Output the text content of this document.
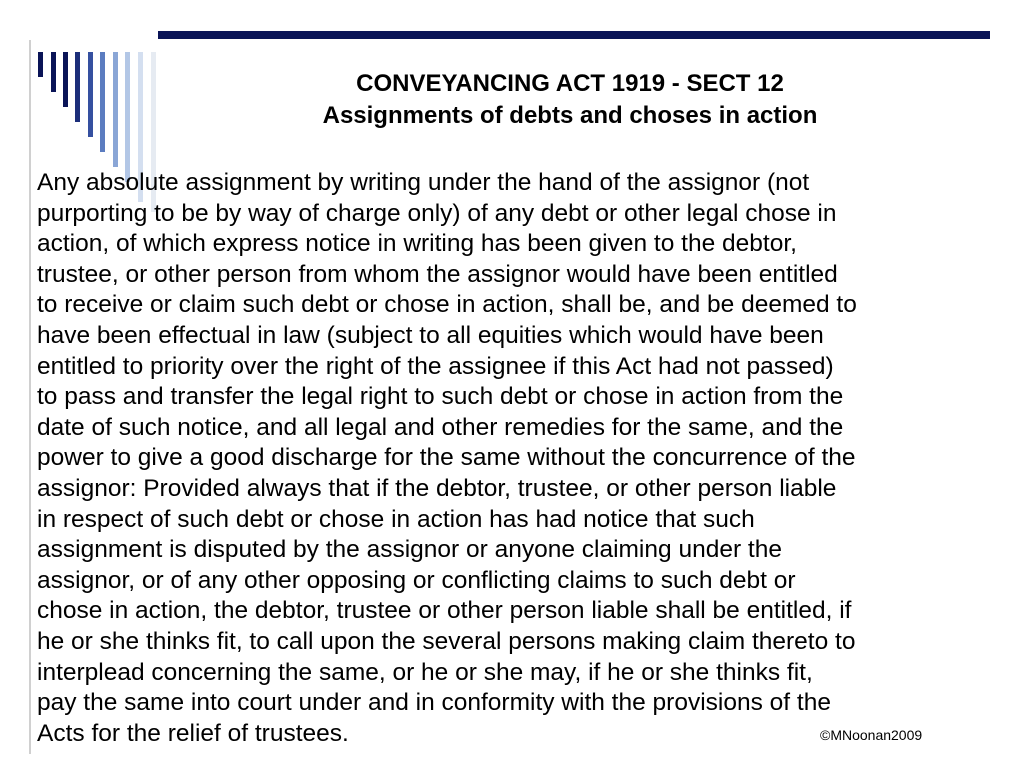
CONVEYANCING ACT 1919 - SECT 12
Assignments of debts and choses in action
Any absolute assignment by writing under the hand of the assignor (not
purporting to be by way of charge only) of any debt or other legal chose in
action, of which express notice in writing has been given to the debtor,
trustee, or other person from whom the assignor would have been entitled
to receive or claim such debt or chose in action, shall be, and be deemed to
have been effectual in law (subject to all equities which would have been
entitled to priority over the right of the assignee if this Act had not passed)
to pass and transfer the legal right to such debt or chose in action from the
date of such notice, and all legal and other remedies for the same, and the
power to give a good discharge for the same without the concurrence of the
assignor: Provided always that if the debtor, trustee, or other person liable
in respect of such debt or chose in action has had notice that such
assignment is disputed by the assignor or anyone claiming under the
assignor, or of any other opposing or conflicting claims to such debt or
chose in action, the debtor, trustee or other person liable shall be entitled, if
he or she thinks fit, to call upon the several persons making claim thereto to
interplead concerning the same, or he or she may, if he or she thinks fit,
pay the same into court under and in conformity with the provisions of the
Acts for the relief of trustees.	©MNoonan2009
